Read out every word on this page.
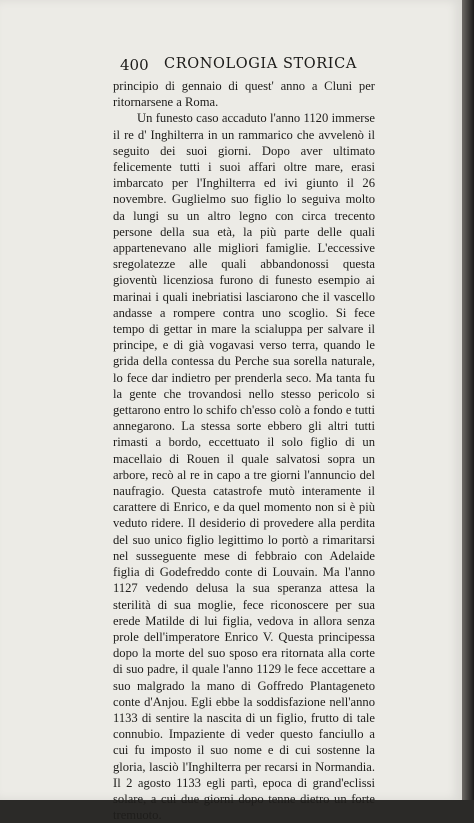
400 CRONOLOGIA STORICA

principio di gennaio di quest' anno a Cluni per ritornarsene a Roma.

Un funesto caso accaduto l'anno 1120 immerse il re d' Inghilterra in un rammarico che avvelenò il seguito dei suoi giorni. Dopo aver ultimato felicemente tutti i suoi affari oltre mare, erasi imbarcato per l'Inghilterra ed ivi giunto il 26 novembre. Guglielmo suo figlio lo seguiva molto da lungi su un altro legno con circa trecento persone della sua età, la più parte delle quali appartenevano alle migliori famiglie. L'eccessive sregolatezze alle quali abbandonossi questa gioventù licenziosa furono di funesto esempio ai marinai i quali inebriatisi lasciarono che il vascello andasse a rompere contra uno scoglio. Si fece tempo di gettar in mare la scialuppa per salvare il principe, e di già vogavasi verso terra, quando le grida della contessa du Perche sua sorella naturale, lo fece dar indietro per prenderla seco. Ma tanta fu la gente che trovandosi nello stesso pericolo si gettarono entro lo schifo ch'esso colò a fondo e tutti annegarono. La stessa sorte ebbero gli altri tutti rimasti a bordo, eccettuato il solo figlio di un macellaio di Rouen il quale salvatosi sopra un arbore, recò al re in capo a tre giorni l'annuncio del naufragio. Questa catastrofe mutò interamente il carattere di Enrico, e da quel momento non si è più veduto ridere. Il desiderio di provedere alla perdita del suo unico figlio legittimo lo portò a rimaritarsi nel susseguente mese di febbraio con Adelaide figlia di Godefreddo conte di Louvain. Ma l'anno 1127 vedendo delusa la sua speranza attesa la sterilità di sua moglie, fece riconoscere per sua erede Matilde di lui figlia, vedova in allora senza prole dell'imperatore Enrico V. Questa principessa dopo la morte del suo sposo era ritornata alla corte di suo padre, il quale l'anno 1129 le fece accettare a suo malgrado la mano di Goffredo Plantageneto conte d'Anjou. Egli ebbe la soddisfazione nell'anno 1133 di sentire la nascita di un figlio, frutto di tale connubio. Impaziente di veder questo fanciullo a cui fu imposto il suo nome e di cui sostenne la gloria, lasciò l'Inghilterra per recarsi in Normandia. Il 2 agosto 1133 egli partì, epoca di grand'eclissi solare, a cui due giorni dopo tenne dietro un forte tremuoto.
